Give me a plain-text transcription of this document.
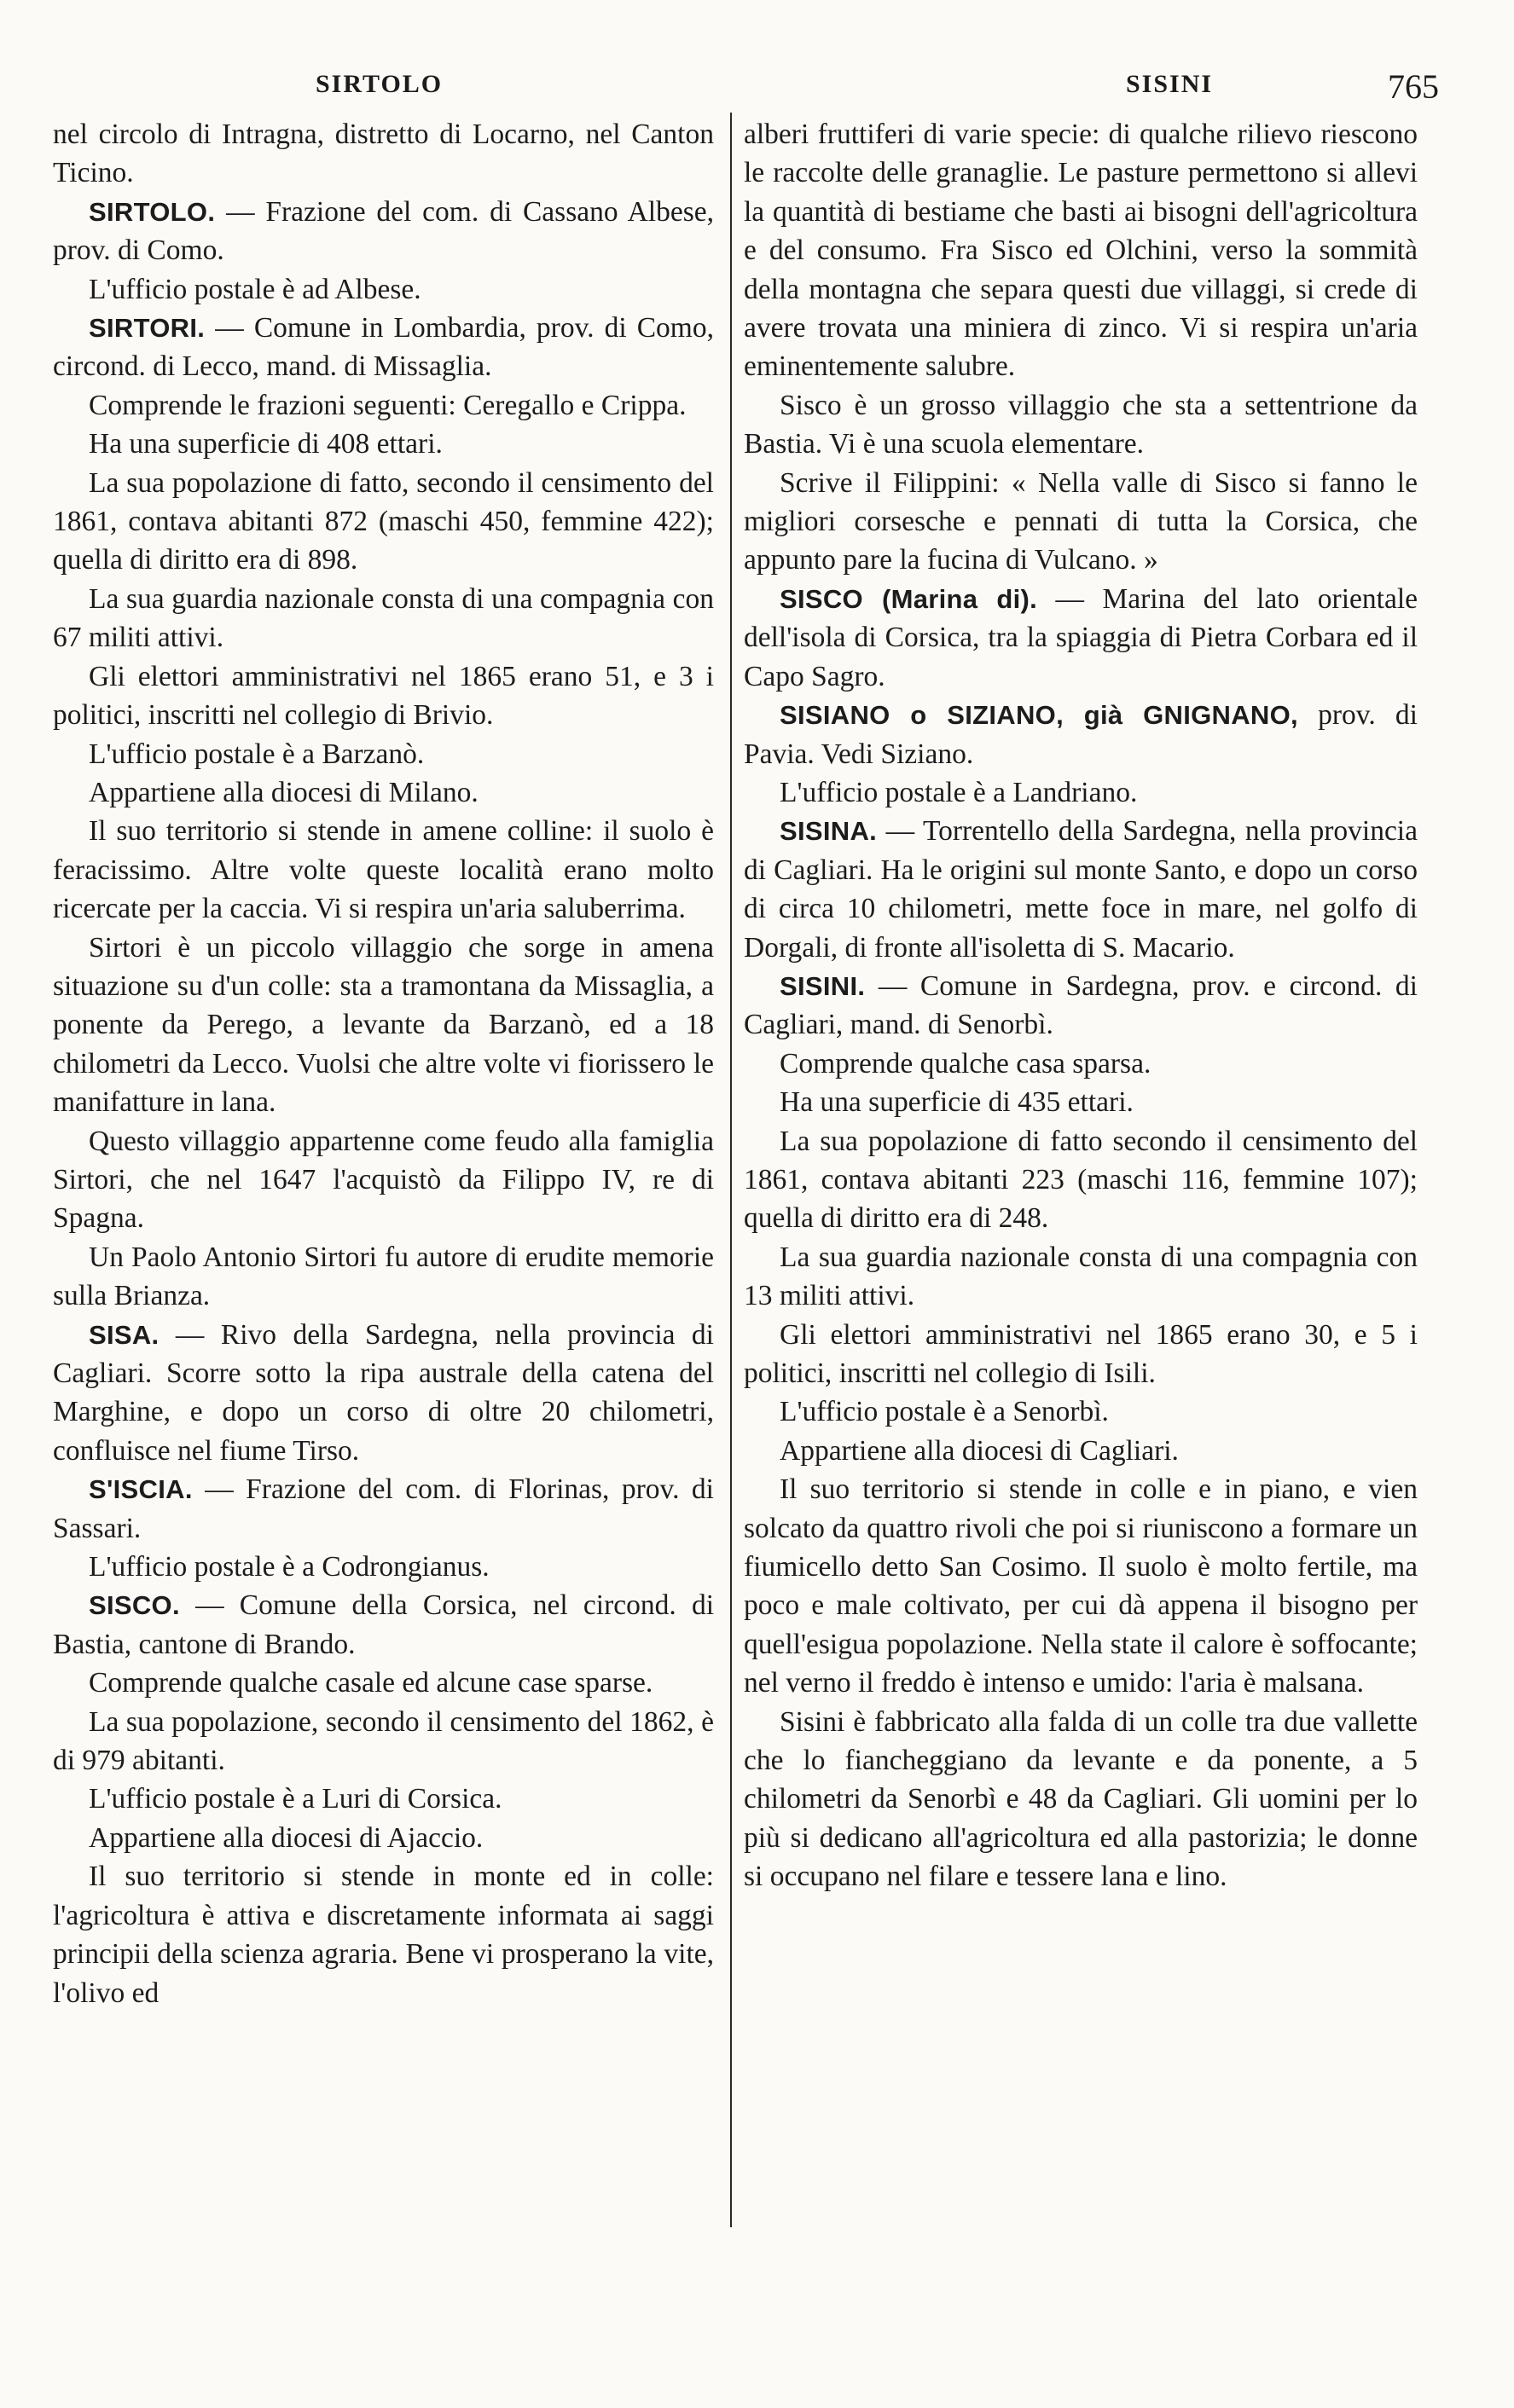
SIRTOLO	SISINI	765

nel circolo di Intragna, distretto di Locarno, nel Canton Ticino.

SIRTOLO. — Frazione del com. di Cassano Albese, prov. di Como.

L'ufficio postale è ad Albese.

SIRTORI. — Comune in Lombardia, prov. di Como, circond. di Lecco, mand. di Missaglia.

Comprende le frazioni seguenti: Ceregallo e Crippa.

Ha una superficie di 408 ettari.

La sua popolazione di fatto, secondo il censimento del 1861, contava abitanti 872 (maschi 450, femmine 422); quella di diritto era di 898.

La sua guardia nazionale consta di una compagnia con 67 militi attivi.

Gli elettori amministrativi nel 1865 erano 51, e 3 i politici, inscritti nel collegio di Brivio.

L'ufficio postale è a Barzanò.

Appartiene alla diocesi di Milano.

Il suo territorio si stende in amene colline: il suolo è feracissimo. Altre volte queste località erano molto ricercate per la caccia. Vi si respira un'aria saluberrima.

Sirtori è un piccolo villaggio che sorge in amena situazione su d'un colle: sta a tramontana da Missaglia, a ponente da Perego, a levante da Barzanò, ed a 18 chilometri da Lecco. Vuolsi che altre volte vi fiorissero le manifatture in lana.

Questo villaggio appartenne come feudo alla famiglia Sirtori, che nel 1647 l'acquistò da Filippo IV, re di Spagna.

Un Paolo Antonio Sirtori fu autore di erudite memorie sulla Brianza.

SISA. — Rivo della Sardegna, nella provincia di Cagliari. Scorre sotto la ripa australe della catena del Marghine, e dopo un corso di oltre 20 chilometri, confluisce nel fiume Tirso.

S'ISCIA. — Frazione del com. di Florinas, prov. di Sassari.

L'ufficio postale è a Codrongianus.

SISCO. — Comune della Corsica, nel circond. di Bastia, cantone di Brando.

Comprende qualche casale ed alcune case sparse.

La sua popolazione, secondo il censimento del 1862, è di 979 abitanti.

L'ufficio postale è a Luri di Corsica.

Appartiene alla diocesi di Ajaccio.

Il suo territorio si stende in monte ed in colle: l'agricoltura è attiva e discretamente informata ai saggi principii della scienza agraria. Bene vi prosperano la vite, l'olivo ed

alberi fruttiferi di varie specie: di qualche rilievo riescono le raccolte delle granaglie. Le pasture permettono si allevi la quantità di bestiame che basti ai bisogni dell'agricoltura e del consumo. Fra Sisco ed Olchini, verso la sommità della montagna che separa questi due villaggi, si crede di avere trovata una miniera di zinco. Vi si respira un'aria eminentemente salubre.

Sisco è un grosso villaggio che sta a settentrione da Bastia. Vi è una scuola elementare.

Scrive il Filippini: « Nella valle di Sisco si fanno le migliori corsesche e pennati di tutta la Corsica, che appunto pare la fucina di Vulcano. »

SISCO (Marina di). — Marina del lato orientale dell'isola di Corsica, tra la spiaggia di Pietra Corbara ed il Capo Sagro.

SISIANO o SIZIANO, già GNIGNANO, prov. di Pavia. Vedi Siziano.

L'ufficio postale è a Landriano.

SISINA. — Torrentello della Sardegna, nella provincia di Cagliari. Ha le origini sul monte Santo, e dopo un corso di circa 10 chilometri, mette foce in mare, nel golfo di Dorgali, di fronte all'isoletta di S. Macario.

SISINI. — Comune in Sardegna, prov. e circond. di Cagliari, mand. di Senorbì.

Comprende qualche casa sparsa.

Ha una superficie di 435 ettari.

La sua popolazione di fatto secondo il censimento del 1861, contava abitanti 223 (maschi 116, femmine 107); quella di diritto era di 248.

La sua guardia nazionale consta di una compagnia con 13 militi attivi.

Gli elettori amministrativi nel 1865 erano 30, e 5 i politici, inscritti nel collegio di Isili.

L'ufficio postale è a Senorbì.

Appartiene alla diocesi di Cagliari.

Il suo territorio si stende in colle e in piano, e vien solcato da quattro rivoli che poi si riuniscono a formare un fiumicello detto San Cosimo. Il suolo è molto fertile, ma poco e male coltivato, per cui dà appena il bisogno per quell'esigua popolazione. Nella state il calore è soffocante; nel verno il freddo è intenso e umido: l'aria è malsana.

Sisini è fabbricato alla falda di un colle tra due vallette che lo fiancheggiano da levante e da ponente, a 5 chilometri da Senorbì e 48 da Cagliari. Gli uomini per lo più si dedicano all'agricoltura ed alla pastorizia; le donne si occupano nel filare e tessere lana e lino.
